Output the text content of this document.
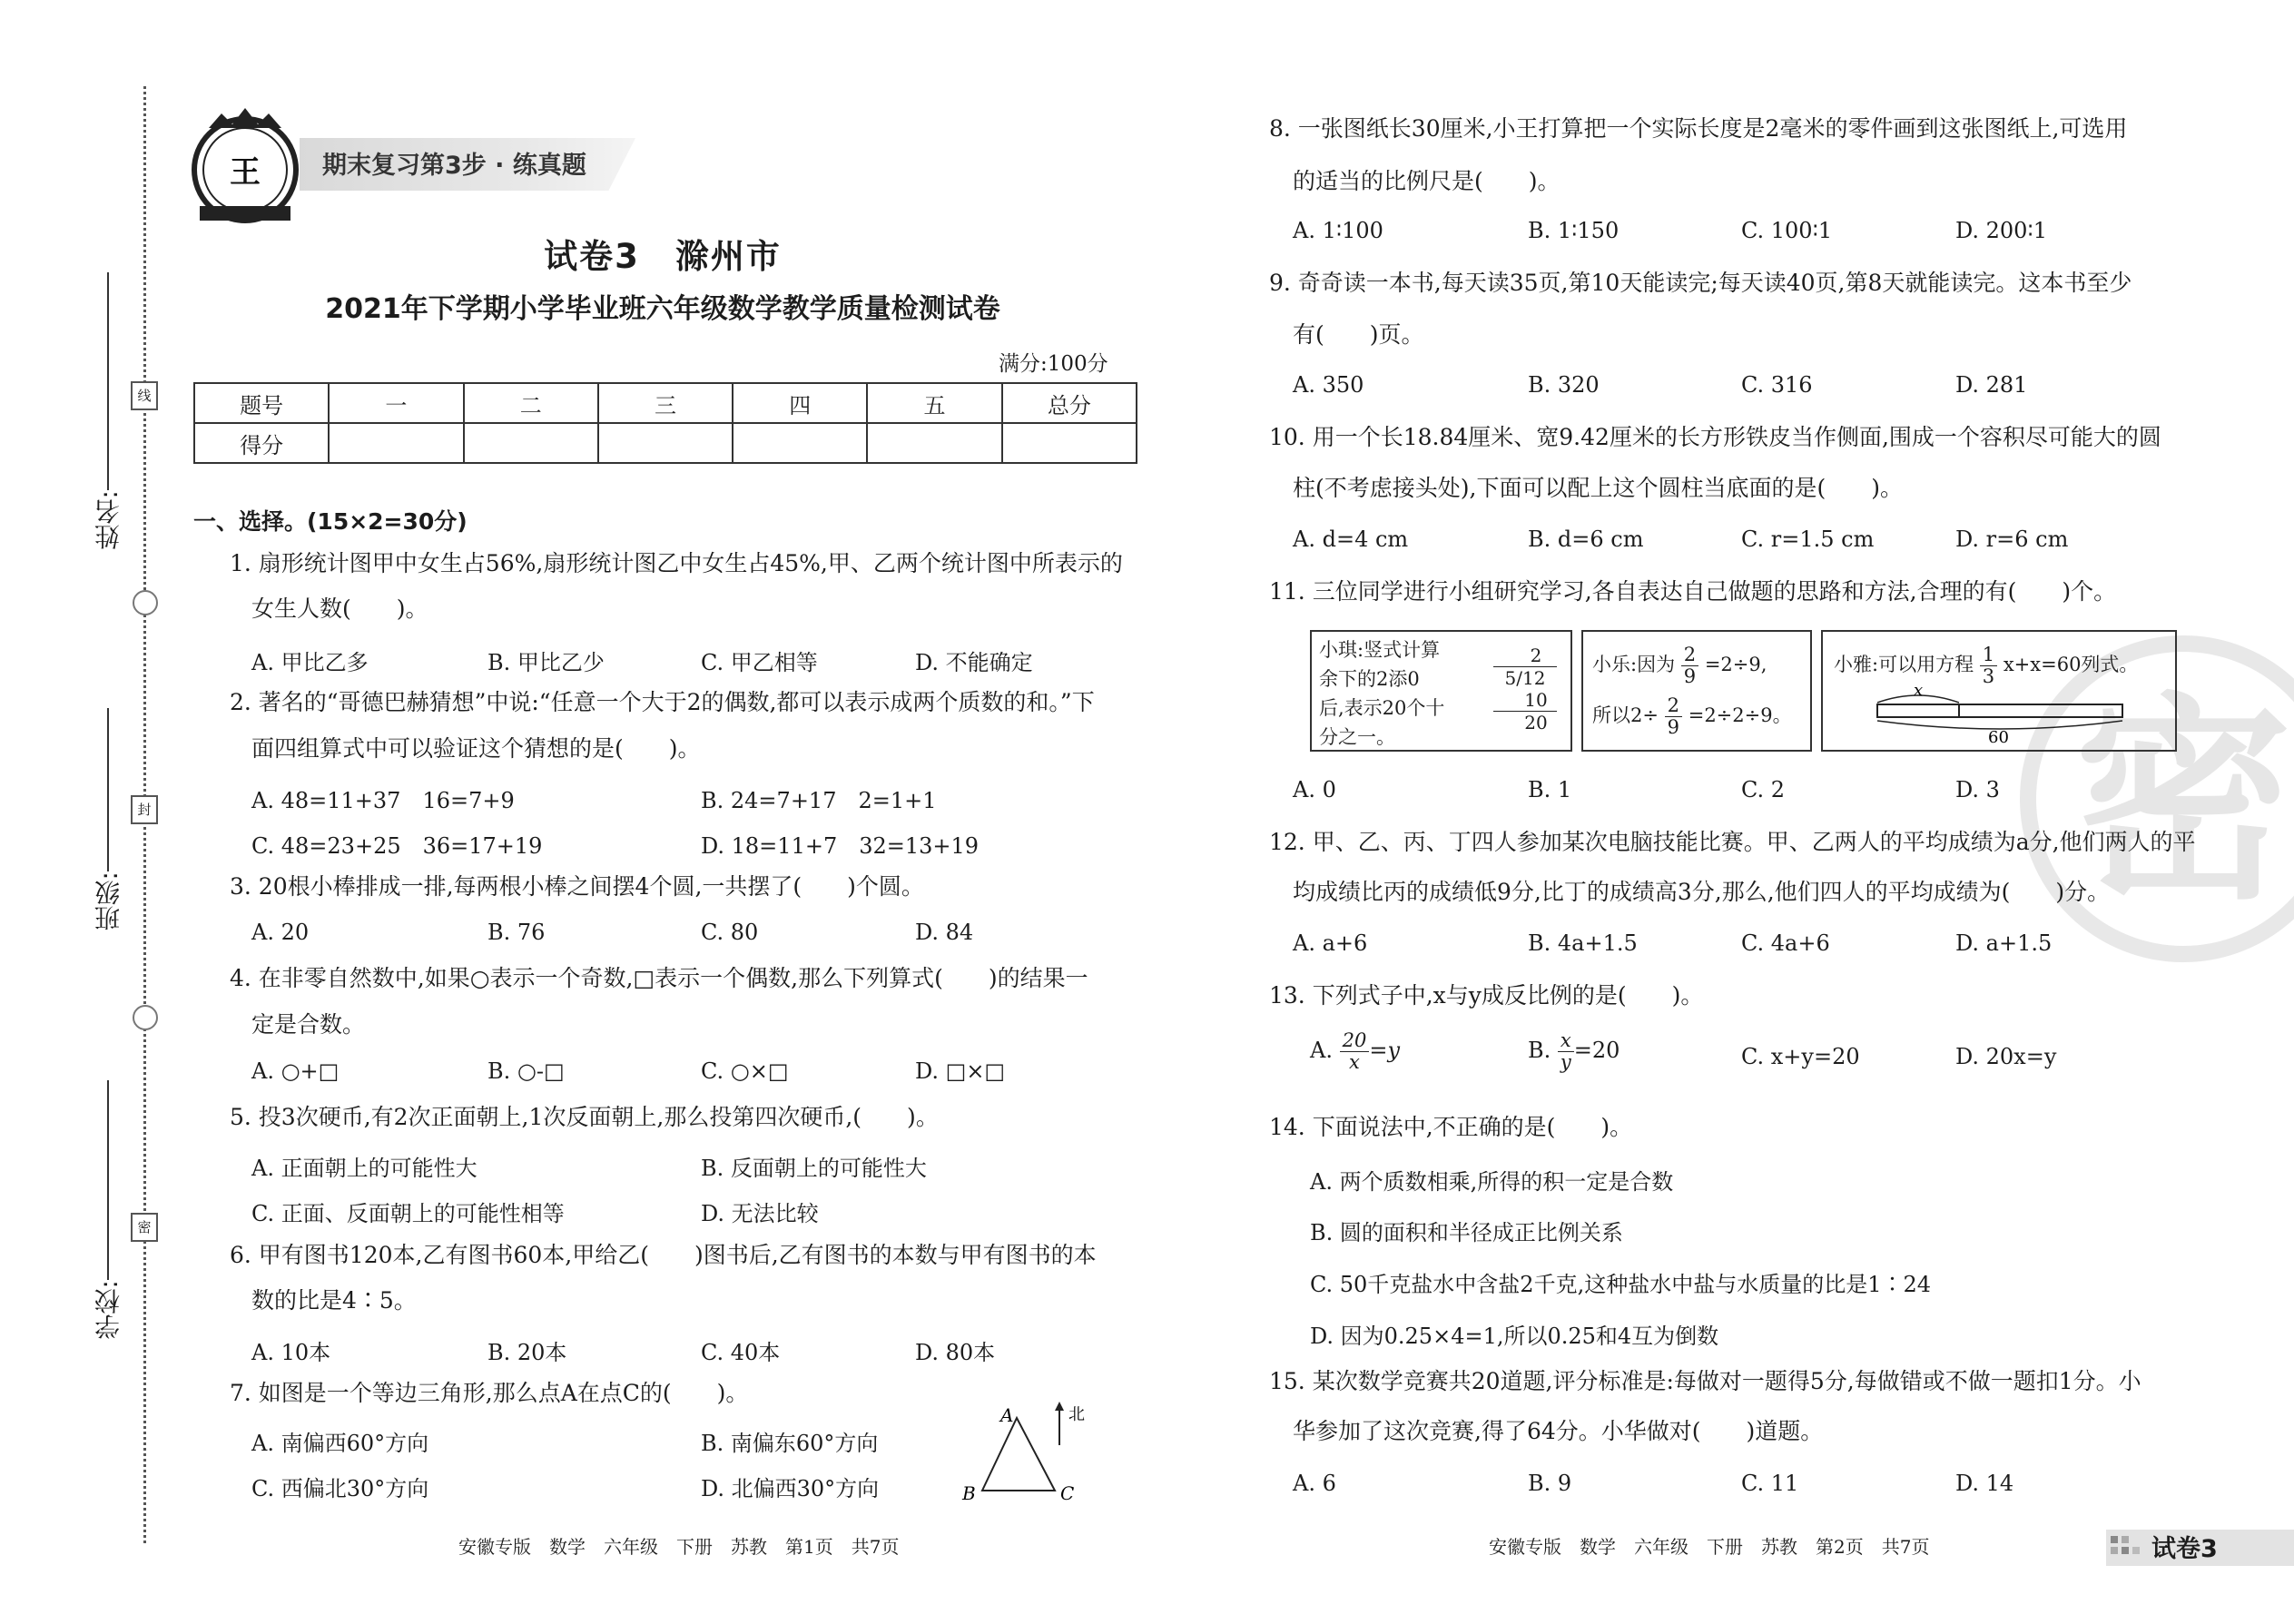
线
封
密
姓名:
班级:
学校:
王	期末复习第3步 · 练真题
试卷3　滁州市
2021年下学期小学毕业班六年级数学教学质量检测试卷
满分:100分
题号	一	二	三	四	五	总分
得分						
一、选择。(15×2=30分)
1. 扇形统计图甲中女生占56%,扇形统计图乙中女生占45%,甲、乙两个统计图中所表示的
女生人数(　　)。
A. 甲比乙多	B. 甲比乙少	C. 甲乙相等	D. 不能确定
2. 著名的“哥德巴赫猜想”中说:“任意一个大于2的偶数,都可以表示成两个质数的和。”下
面四组算式中可以验证这个猜想的是(　　)。
A. 48=11+37　16=7+9	B. 24=7+17　2=1+1
C. 48=23+25　36=17+19	D. 18=11+7　32=13+19
3. 20根小棒排成一排,每两根小棒之间摆4个圆,一共摆了(　　)个圆。
A. 20	B. 76	C. 80	D. 84
4. 在非零自然数中,如果○表示一个奇数,□表示一个偶数,那么下列算式(　　)的结果一
定是合数。
A. ○+□	B. ○-□	C. ○×□	D. □×□
5. 投3次硬币,有2次正面朝上,1次反面朝上,那么投第四次硬币,(　　)。
A. 正面朝上的可能性大	B. 反面朝上的可能性大
C. 正面、反面朝上的可能性相等	D. 无法比较
6. 甲有图书120本,乙有图书60本,甲给乙(　　)图书后,乙有图书的本数与甲有图书的本
数的比是4∶5。
A. 10本	B. 20本	C. 40本	D. 80本
7. 如图是一个等边三角形,那么点A在点C的(　　)。
A. 南偏西60°方向	B. 南偏东60°方向
C. 西偏北30°方向	D. 北偏西30°方向
A
B	C
北
安徽专版　数学　六年级　下册　苏教　第1页　共7页
密
8. 一张图纸长30厘米,小王打算把一个实际长度是2毫米的零件画到这张图纸上,可选用
的适当的比例尺是(　　)。
A. 1∶100	B. 1∶150	C. 100∶1	D. 200∶1
9. 奇奇读一本书,每天读35页,第10天能读完;每天读40页,第8天就能读完。这本书至少
有(　　)页。
A. 350	B. 320	C. 316	D. 281
10. 用一个长18.84厘米、宽9.42厘米的长方形铁皮当作侧面,围成一个容积尽可能大的圆
柱(不考虑接头处),下面可以配上这个圆柱当底面的是(　　)。
A. d=4 cm	B. d=6 cm	C. r=1.5 cm	D. r=6 cm
11. 三位同学进行小组研究学习,各自表达自己做题的思路和方法,合理的有(　　)个。
小琪:竖式计算
余下的2添0
后,表示20个十
分之一。
2
5/12
10
20
小乐:因为 $\frac{2}{9} =2\div 9$,
所以$2\div \frac{2}{9} =2\div 2\div 9$。
小雅:可以用方程 $\frac{1}{3} x+x=60$列式。
x
60
A. 0	B. 1	C. 2	D. 3
12. 甲、乙、丙、丁四人参加某次电脑技能比赛。甲、乙两人的平均成绩为a分,他们两人的平
均成绩比丙的成绩低9分,比丁的成绩高3分,那么,他们四人的平均成绩为(　　)分。
A. a+6	B. 4a+1.5	C. 4a+6	D. a+1.5
13. 下列式子中,x与y成反比例的是(　　)。
A. $\frac{20}{x} =y$	B. $\frac{x}{y} =20$	C. x+y=20	D. 20x=y
14. 下面说法中,不正确的是(　　)。
A. 两个质数相乘,所得的积一定是合数
B. 圆的面积和半径成正比例关系
C. 50千克盐水中含盐2千克,这种盐水中盐与水质量的比是1∶24
D. 因为0.25×4=1,所以0.25和4互为倒数
15. 某次数学竞赛共20道题,评分标准是:每做对一题得5分,每做错或不做一题扣1分。小
华参加了这次竞赛,得了64分。小华做对(　　)道题。
A. 6	B. 9	C. 11	D. 14
安徽专版　数学　六年级　下册　苏教　第2页　共7页	试卷3
